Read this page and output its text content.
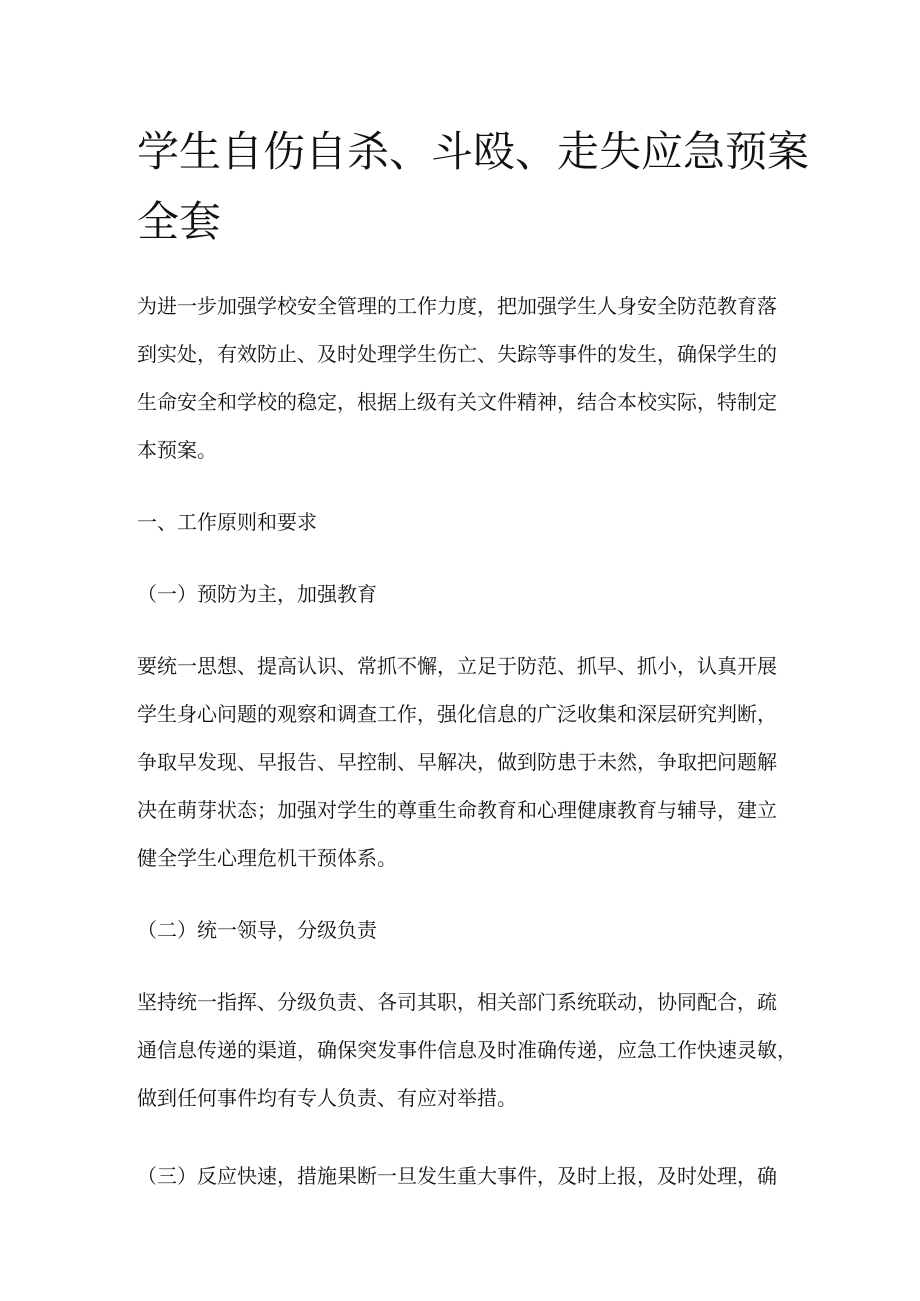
学生自伤自杀、斗殴、走失应急预案
全套
为进一步加强学校安全管理的工作力度，把加强学生人身安全防范教育落
到实处，有效防止、及时处理学生伤亡、失踪等事件的发生，确保学生的
生命安全和学校的稳定，根据上级有关文件精神，结合本校实际，特制定
本预案。
一、工作原则和要求
（一）预防为主，加强教育
要统一思想、提高认识、常抓不懈，立足于防范、抓早、抓小，认真开展
学生身心问题的观察和调查工作，强化信息的广泛收集和深层研究判断，
争取早发现、早报告、早控制、早解决，做到防患于未然，争取把问题解
决在萌芽状态；加强对学生的尊重生命教育和心理健康教育与辅导，建立
健全学生心理危机干预体系。
（二）统一领导，分级负责
坚持统一指挥、分级负责、各司其职，相关部门系统联动，协同配合，疏
通信息传递的渠道，确保突发事件信息及时准确传递，应急工作快速灵敏，
做到任何事件均有专人负责、有应对举措。
（三）反应快速，措施果断一旦发生重大事件，及时上报，及时处理，确
